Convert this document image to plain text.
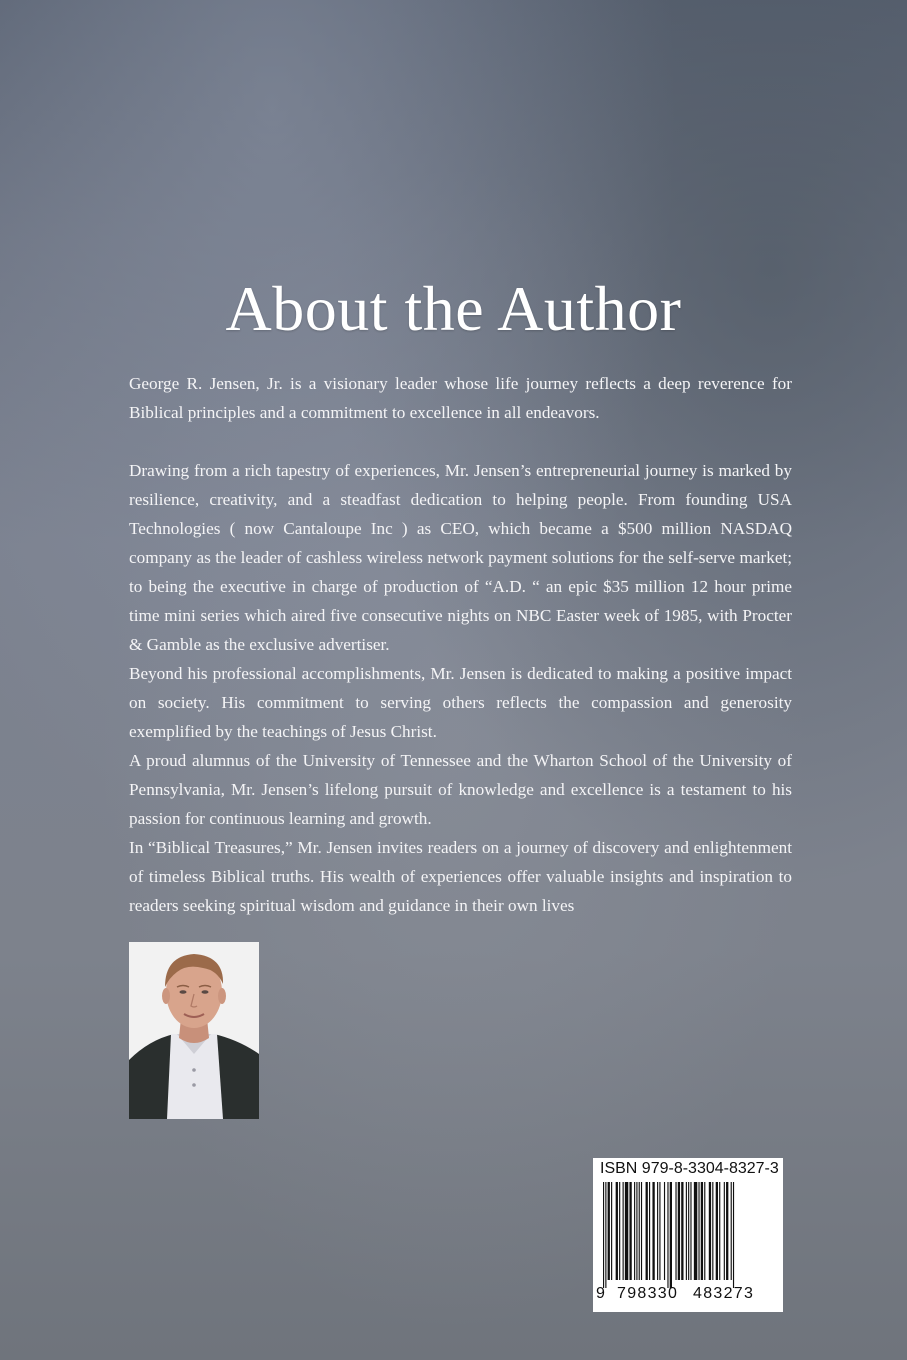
About the Author

George R. Jensen, Jr. is a visionary leader whose life journey reflects a deep reverence for Biblical principles and a commitment to excellence in all endeavors.

Drawing from a rich tapestry of experiences, Mr. Jensen’s entrepreneurial journey is marked by resilience, creativity, and a steadfast dedication to helping people. From founding USA Technologies ( now Cantaloupe Inc ) as CEO, which became a $500 million NASDAQ company as the leader of cashless wireless network payment solutions for the self-serve market; to being the executive in charge of production of “A.D. “ an epic $35 million 12 hour prime time mini series which aired five consecutive nights on NBC Easter week of 1985, with Procter & Gamble as the exclusive advertiser.

Beyond his professional accomplishments, Mr. Jensen is dedicated to making a positive impact on society. His commitment to serving others reflects the compassion and generosity exemplified by the teachings of Jesus Christ.

A proud alumnus of the University of Tennessee and the Wharton School of the University of Pennsylvania, Mr. Jensen’s lifelong pursuit of knowledge and excellence is a testament to his passion for continuous learning and growth.

In “Biblical Treasures,” Mr. Jensen invites readers on a journey of discovery and enlightenment of timeless Biblical truths. His wealth of experiences offer valuable insights and inspiration to readers seeking spiritual wisdom and guidance in their own lives

ISBN 979-8-3304-8327-3
9 798330 483273
